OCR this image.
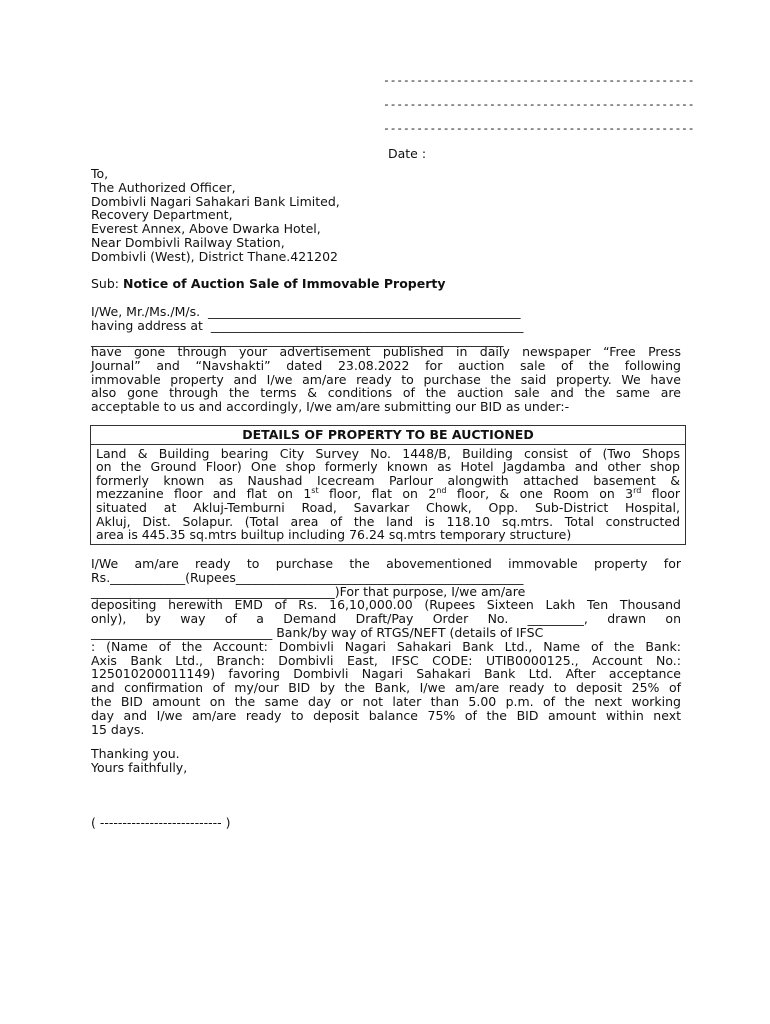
-----------------------------------------------
-----------------------------------------------
-----------------------------------------------
Date :
To,
The Authorized Officer,
Dombivli Nagari Sahakari Bank Limited,
Recovery Department,
Everest Annex, Above Dwarka Hotel,
Near Dombivli Railway Station,
Dombivli (West), District Thane.421202
Sub: Notice of Auction Sale of Immovable Property
I/We, Mr./Ms./M/s. __________________________________________________
having address at __________________________________________________
__________________________________________________________________
have gone through your advertisement published in daily newspaper “Free Press
Journal” and “Navshakti” dated 23.08.2022 for auction sale of the following
immovable property and I/we am/are ready to purchase the said property. We have
also gone through the terms & conditions of the auction sale and the same are
acceptable to us and accordingly, I/we am/are submitting our BID as under:-
DETAILS OF PROPERTY TO BE AUCTIONED

Land & Building bearing City Survey No. 1448/B, Building consist of (Two Shops
on the Ground Floor) One shop formerly known as Hotel Jagdamba and other shop
formerly known as Naushad Icecream Parlour alongwith attached basement &
mezzanine floor and flat on 1st floor, flat on 2nd floor, & one Room on 3rd floor
situated at Akluj-Temburni Road, Savarkar Chowk, Opp. Sub-District Hospital,
Akluj, Dist. Solapur. (Total area of the land is 118.10 sq.mtrs. Total constructed
area is 445.35 sq.mtrs builtup including 76.24 sq.mtrs temporary structure)
I/We am/are ready to purchase the abovementioned immovable property for
Rs.____________(Rupees______________________________________________
_______________________________________)For that purpose, I/we am/are
depositing herewith EMD of Rs. 16,10,000.00 (Rupees Sixteen Lakh Ten Thousand
only), by way of a Demand Draft/Pay Order No. _________, drawn on
_____________________________ Bank/by way of RTGS/NEFT (details of IFSC
: (Name of the Account: Dombivli Nagari Sahakari Bank Ltd., Name of the Bank:
Axis Bank Ltd., Branch: Dombivli East, IFSC CODE: UTIB0000125., Account No.:
125010200011149) favoring Dombivli Nagari Sahakari Bank Ltd. After acceptance
and confirmation of my/our BID by the Bank, I/we am/are ready to deposit 25% of
the BID amount on the same day or not later than 5.00 p.m. of the next working
day and I/we am/are ready to deposit balance 75% of the BID amount within next
15 days.
Thanking you.
Yours faithfully,
( --------------------------- )
